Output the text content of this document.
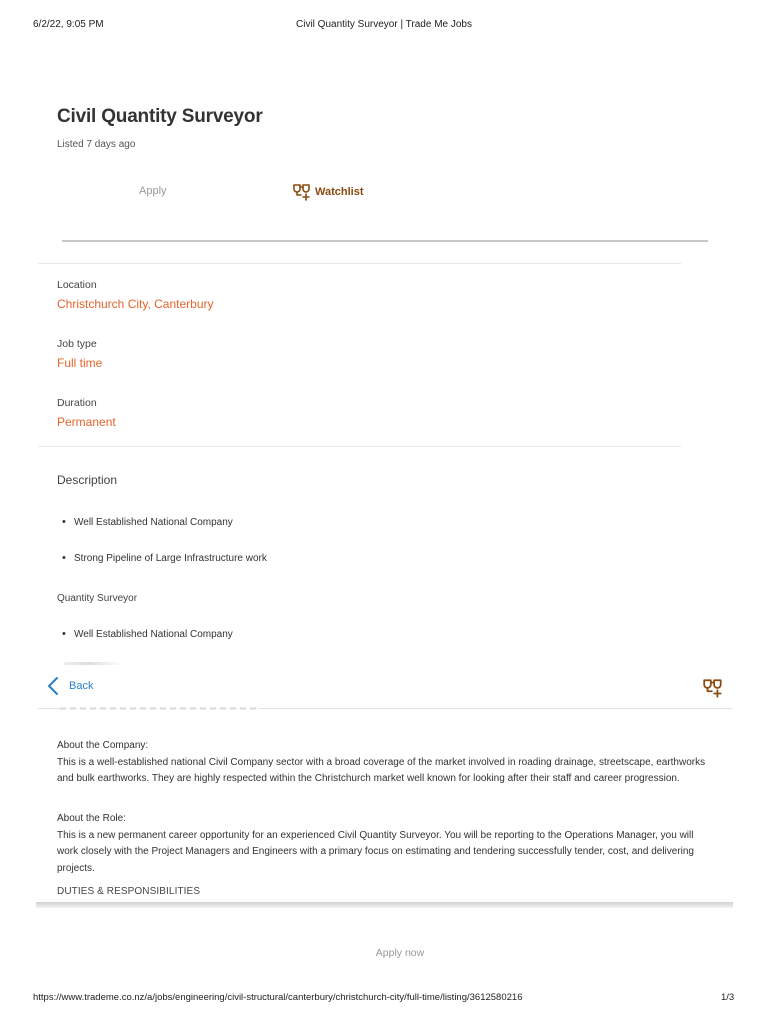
6/2/22, 9:05 PM	Civil Quantity Surveyor | Trade Me Jobs
Civil Quantity Surveyor
Listed 7 days ago
Apply	Watchlist
Location
Christchurch City, Canterbury
Job type
Full time
Duration
Permanent
Description
• Well Established National Company
• Strong Pipeline of Large Infrastructure work
Quantity Surveyor
• Well Established National Company
Back
About the Company:
This is a well-established national Civil Company sector with a broad coverage of the market involved in roading drainage, streetscape, earthworks and bulk earthworks. They are highly respected within the Christchurch market well known for looking after their staff and career progression.
About the Role:
This is a new permanent career opportunity for an experienced Civil Quantity Surveyor. You will be reporting to the Operations Manager, you will work closely with the Project Managers and Engineers with a primary focus on estimating and tendering successfully tender, cost, and delivering projects.
DUTIES & RESPONSIBILITIES
Apply now
https://www.trademe.co.nz/a/jobs/engineering/civil-structural/canterbury/christchurch-city/full-time/listing/3612580216	1/3
